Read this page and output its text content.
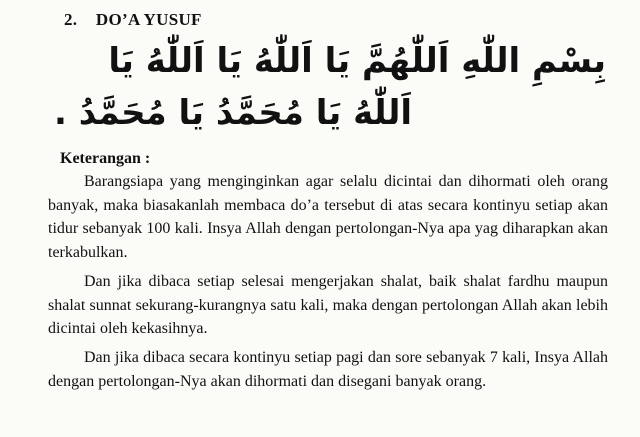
2. DO’A YUSUF
بِسْمِ اللّٰهِ اَللّٰهُمَّ يَا اَللّٰهُ يَا اَللّٰهُ يَا
اَللّٰهُ يَا مُحَمَّدُ يَا مُحَمَّدُ .
Keterangan :

Barangsiapa yang menginginkan agar selalu dicintai dan dihormati oleh orang banyak, maka biasakanlah membaca do’a tersebut di atas secara kontinyu setiap akan tidur sebanyak 100 kali. Insya Allah dengan pertolongan-Nya apa yag diharapkan akan terkabulkan.

Dan jika dibaca setiap selesai mengerjakan shalat, baik shalat fardhu maupun shalat sunnat sekurang-kurangnya satu kali, maka dengan pertolongan Allah akan lebih dicintai oleh kekasihnya.

Dan jika dibaca secara kontinyu setiap pagi dan sore sebanyak 7 kali, Insya Allah dengan pertolongan-Nya akan dihormati dan disegani banyak orang.
